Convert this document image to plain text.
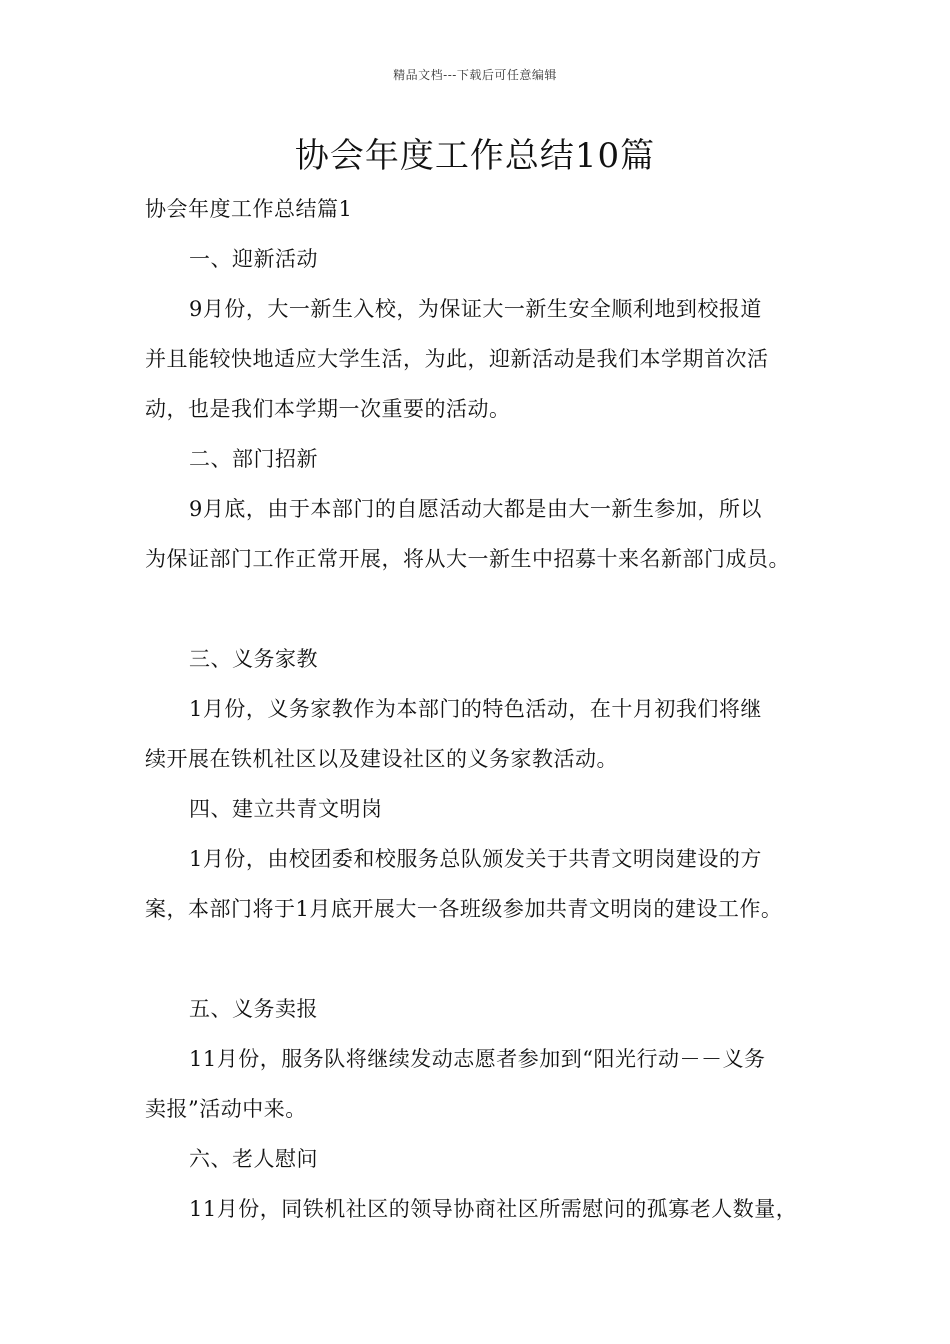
精品文档---下载后可任意编辑
协会年度工作总结10篇
协会年度工作总结篇1
一、迎新活动
9月份，大一新生入校，为保证大一新生安全顺利地到校报道
并且能较快地适应大学生活，为此，迎新活动是我们本学期首次活
动，也是我们本学期一次重要的活动。
二、部门招新
9月底，由于本部门的自愿活动大都是由大一新生参加，所以
为保证部门工作正常开展，将从大一新生中招募十来名新部门成员。
三、义务家教
1月份，义务家教作为本部门的特色活动，在十月初我们将继
续开展在铁机社区以及建设社区的义务家教活动。
四、建立共青文明岗
1月份，由校团委和校服务总队颁发关于共青文明岗建设的方
案，本部门将于1月底开展大一各班级参加共青文明岗的建设工作。
五、义务卖报
11月份，服务队将继续发动志愿者参加到“阳光行动－－义务
卖报”活动中来。
六、老人慰问
11月份，同铁机社区的领导协商社区所需慰问的孤寡老人数量，
